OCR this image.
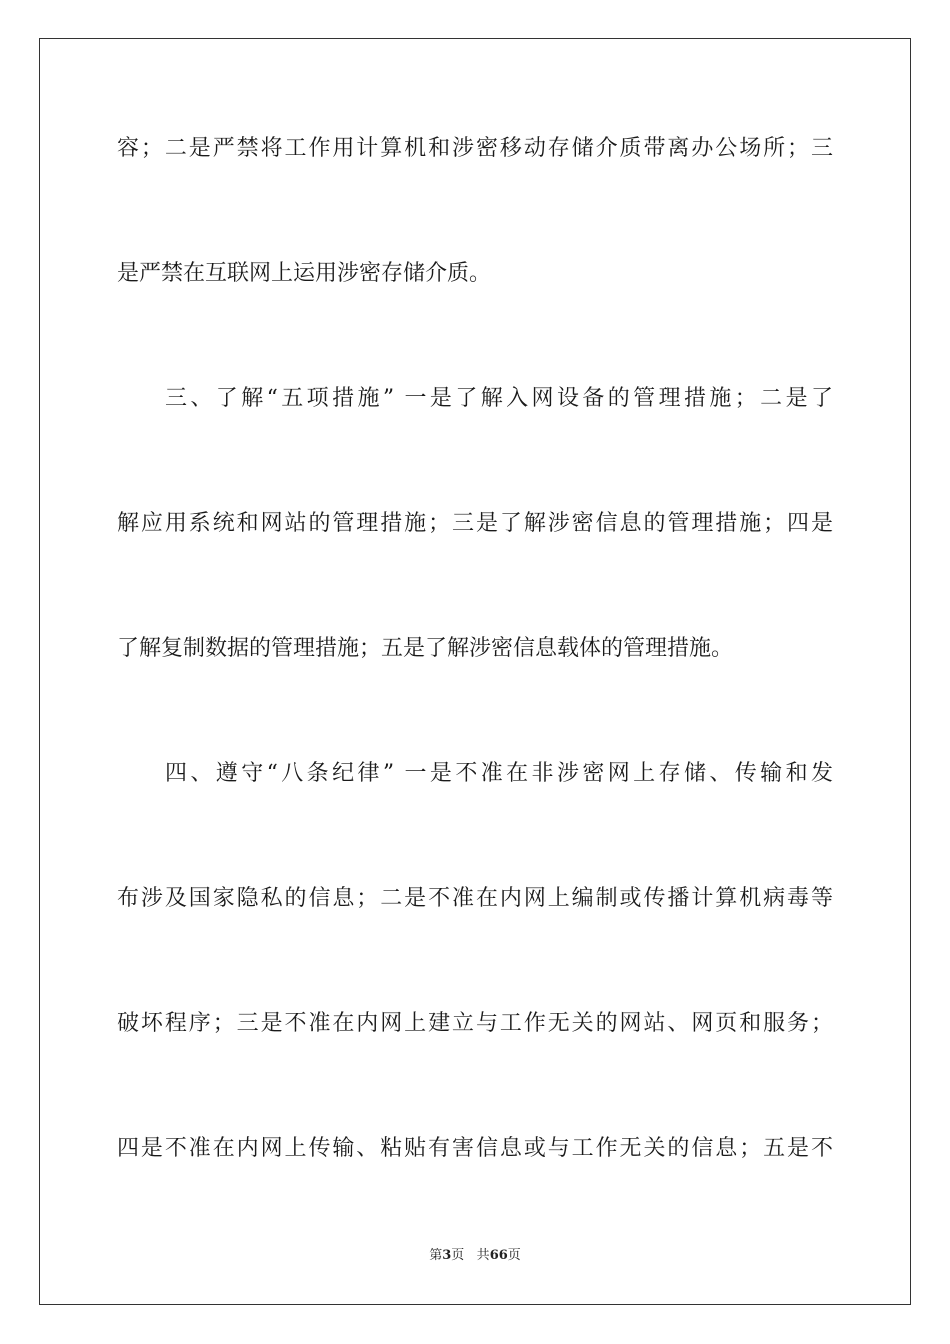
容；二是严禁将工作用计算机和涉密移动存储介质带离办公场所；三
是严禁在互联网上运用涉密存储介质。
三、了解“五项措施” 一是了解入网设备的管理措施；二是了
解应用系统和网站的管理措施；三是了解涉密信息的管理措施；四是
了解复制数据的管理措施；五是了解涉密信息载体的管理措施。
四、遵守“八条纪律” 一是不准在非涉密网上存储、传输和发
布涉及国家隐私的信息；二是不准在内网上编制或传播计算机病毒等
破坏程序；三是不准在内网上建立与工作无关的网站、网页和服务；
四是不准在内网上传输、粘贴有害信息或与工作无关的信息；五是不
第3页 共66页
